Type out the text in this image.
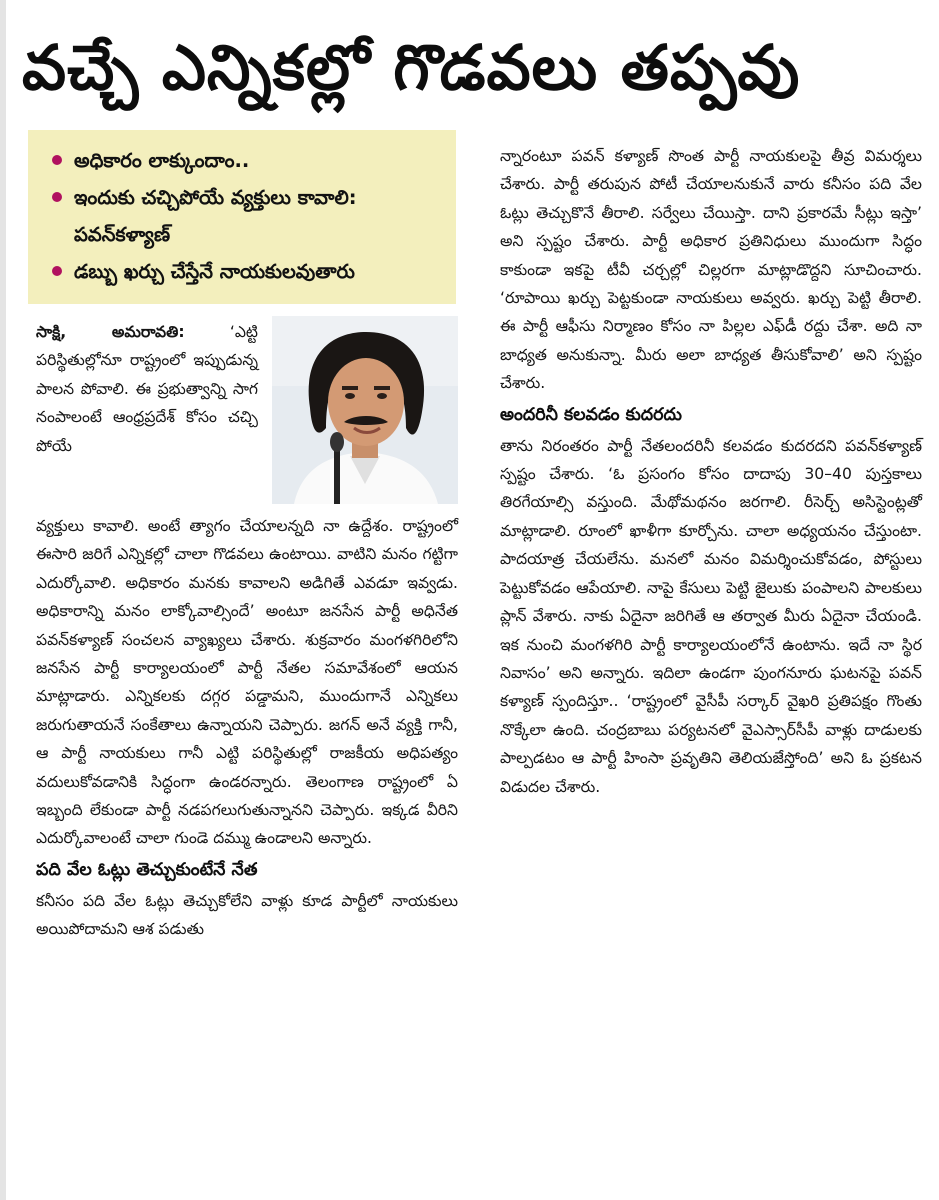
వచ్చే ఎన్నికల్లో గొడవలు తప్పవు
అధికారం లాక్కుందాం..
ఇందుకు చచ్చిపోయే వ్యక్తులు కావాలి: పవన్‌కళ్యాణ్
డబ్బు ఖర్చు చేస్తేనే నాయకులవుతారు

సాక్షి, అమరావతి:	‘ఎట్టి పరిస్థితుల్లోనూ రాష్ట్రంలో ఇప్పుడున్న పాలన పోవాలి. ఈ ప్రభుత్వాన్ని సాగ నంపాలంటే ఆంధ్రప్రదేశ్ కోసం చచ్చి పోయే

వ్యక్తులు కావాలి. అంటే త్యాగం చేయాలన్నది నా ఉద్దేశం. రాష్ట్రంలో ఈసారి జరిగే ఎన్నికల్లో చాలా గొడవలు ఉంటాయి. వాటిని మనం గట్టిగా ఎదుర్కోవాలి. అధికారం మనకు కావాలని అడిగితే ఎవడూ ఇవ్వడు. అధికారాన్ని మనం లాక్కోవాల్సిందే’ అంటూ జనసేన పార్టీ అధినేత పవన్‌కళ్యాణ్ సంచలన వ్యాఖ్యలు చేశారు. శుక్రవారం మంగళగిరిలోని జనసేన పార్టీ కార్యాలయంలో పార్టీ నేతల సమావేశంలో ఆయన మాట్లాడారు. ఎన్నికలకు దగ్గర పడ్డామని, ముందుగానే ఎన్నికలు జరుగుతాయనే సంకేతాలు ఉన్నాయని చెప్పారు. జగన్ అనే వ్యక్తి గానీ, ఆ పార్టీ నాయకులు గానీ ఎట్టి పరిస్థితుల్లో రాజకీయ అధిపత్యం వదులుకోవడానికి సిద్ధంగా ఉండరన్నారు. తెలంగాణ రాష్ట్రంలో ఏ ఇబ్బంది లేకుండా పార్టీ నడపగలుగుతున్నానని చెప్పారు. ఇక్కడ వీరిని ఎదుర్కోవాలంటే చాలా గుండె దమ్ము ఉండాలని అన్నారు.

పది వేల ఓట్లు తెచ్చుకుంటేనే నేత

కనీసం పది వేల ఓట్లు తెచ్చుకోలేని వాళ్లు కూడ పార్టీలో నాయకులు అయిపోదామని ఆశ పడుతు

న్నారంటూ పవన్ కళ్యాణ్ సొంత పార్టీ నాయకులపై తీవ్ర విమర్శలు చేశారు. పార్టీ తరుపున పోటీ చేయాలనుకునే వారు కనీసం పది వేల ఓట్లు తెచ్చుకొనే తీరాలి. సర్వేలు చేయిస్తా. దాని ప్రకారమే సీట్లు ఇస్తా’ అని స్పష్టం చేశారు. పార్టీ అధికార ప్రతినిధులు ముందుగా సిద్ధం కాకుండా ఇకపై టీవీ చర్చల్లో చిల్లరగా మాట్లాడొద్దని సూచించారు. ‘రూపాయి ఖర్చు పెట్టకుండా నాయకులు అవ్వరు. ఖర్చు పెట్టి తీరాలి. ఈ పార్టీ ఆఫీసు నిర్మాణం కోసం నా పిల్లల ఎఫ్‌డీ రద్దు చేశా. అది నా బాధ్యత అనుకున్నా. మీరు అలా బాధ్యత తీసుకోవాలి’ అని స్పష్టం చేశారు.

అందరినీ కలవడం కుదరదు

తాను నిరంతరం పార్టీ నేతలందరినీ కలవడం కుదరదని పవన్‌కళ్యాణ్ స్పష్టం చేశారు. ‘ఓ ప్రసంగం కోసం దాదాపు 30–40 పుస్తకాలు తిరగేయాల్సి వస్తుంది. మేథోమథనం జరగాలి. రీసెర్చ్ అసిస్టెంట్లతో మాట్లాడాలి. రూంలో ఖాళీగా కూర్చోను. చాలా అధ్యయనం చేస్తుంటా. పాదయాత్ర చేయలేను. మనలో మనం విమర్శించుకోవడం, పోస్టులు పెట్టుకోవడం ఆపేయాలి. నాపై కేసులు పెట్టి జైలుకు పంపాలని పాలకులు ప్లాన్ వేశారు. నాకు ఏదైనా జరిగితే ఆ తర్వాత మీరు ఏదైనా చేయండి. ఇక నుంచి మంగళగిరి పార్టీ కార్యాలయంలోనే ఉంటాను. ఇదే నా స్థిర నివాసం’ అని అన్నారు. ఇదిలా ఉండగా పుంగనూరు ఘటనపై పవన్ కళ్యాణ్ స్పందిస్తూ.. ‘రాష్ట్రంలో వైసీపీ సర్కార్ వైఖరి ప్రతిపక్షం గొంతు నొక్కేలా ఉంది. చంద్రబాబు పర్యటనలో వైఎస్సార్‌సీపీ వాళ్లు దాడులకు పాల్పడటం ఆ పార్టీ హింసా ప్రవృతిని తెలియజేస్తోంది’ అని ఓ ప్రకటన విడుదల చేశారు.
